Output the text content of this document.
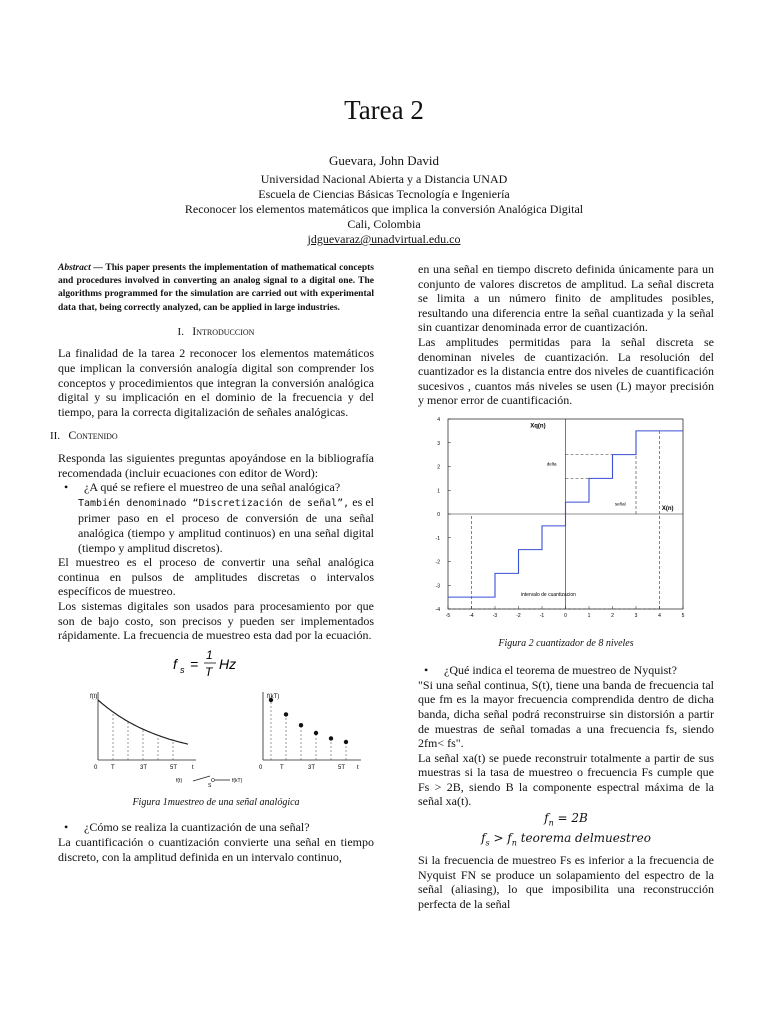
Tarea 2
Guevara, John David
Universidad Nacional Abierta y a Distancia UNAD
Escuela de Ciencias Básicas Tecnología e Ingeniería
Reconocer los elementos matemáticos que implica la conversión Analógica Digital
Cali, Colombia
jdguevaraz@unadvirtual.edu.co

Abstract — This paper presents the implementation of mathematical concepts and procedures involved in converting an analog signal to a digital one. The algorithms programmed for the simulation are carried out with experimental data that, being correctly analyzed, can be applied in large industries.

I. Introduccion

La finalidad de la tarea 2 reconocer los elementos matemáticos que implican la conversión analogía digital son comprender los conceptos y procedimientos que integran la conversión analógica digital y su implicación en el dominio de la frecuencia y del tiempo, para la correcta digitalización de señales analógicas.

II. Contenido

Responda las siguientes preguntas apoyándose en la bibliografía recomendada (incluir ecuaciones con editor de Word):

• ¿A qué se refiere el muestreo de una señal analógica?

También denominado “Discretización de señal”, es el primer paso en el proceso de conversión de una señal analógica (tiempo y amplitud continuos) en una señal digital (tiempo y amplitud discretos).

El muestreo es el proceso de convertir una señal analógica continua en pulsos de amplitudes discretas o intervalos específicos de muestreo.

Los sistemas digitales son usados para procesamiento por que son de bajo costo, son precisos y pueden ser implementados rápidamente. La frecuencia de muestreo esta dad por la ecuación.

f s =
1
T Hz
f(t)
0 T	3T	5T t
f(kT)
0	T	3T	5T t
f(t)
S
f(kT)
Figura 1muestreo de una señal analógica

• ¿Cómo se realiza la cuantización de una señal?

La cuantificación o cuantización convierte una señal en tiempo discreto, con la amplitud definida en un intervalo continuo,

en una señal en tiempo discreto definida únicamente para un conjunto de valores discretos de amplitud. La señal discreta se limita a un número finito de amplitudes posibles, resultando una diferencia entre la señal cuantizada y la señal sin cuantizar denominada error de cuantización.

Las amplitudes permitidas para la señal discreta se denominan niveles de cuantización. La resolución del cuantizador es la distancia entre dos niveles de cuantificación sucesivos , cuantos más niveles se usen (L) mayor precisión y menor error de cuantificación.

4
3
2
1
0
-1
-2
-3
-4
-5	-4	-3	-2	-1	0	1	2	3	4	5
Xq(n)
X(n)
delta
señal
intervalo de cuantizacion
Figura 2 cuantizador de 8 niveles

• ¿Qué indica el teorema de muestreo de Nyquist?

"Si una señal continua, S(t), tiene una banda de frecuencia tal que fm es la mayor frecuencia comprendida dentro de dicha banda, dicha señal podrá reconstruirse sin distorsión a partir de muestras de señal tomadas a una frecuencia fs, siendo 2fm< fs".

La señal xa(t) se puede reconstruir totalmente a partir de sus muestras si la tasa de muestreo o frecuencia Fs cumple que Fs > 2B, siendo B la componente espectral máxima de la señal xa(t).

$f_n = 2B$
$f_s > f_n$ teorema delmuestreo

Si la frecuencia de muestreo Fs es inferior a la frecuencia de Nyquist FN se produce un solapamiento del espectro de la señal (aliasing), lo que imposibilita una reconstrucción perfecta de la señal
